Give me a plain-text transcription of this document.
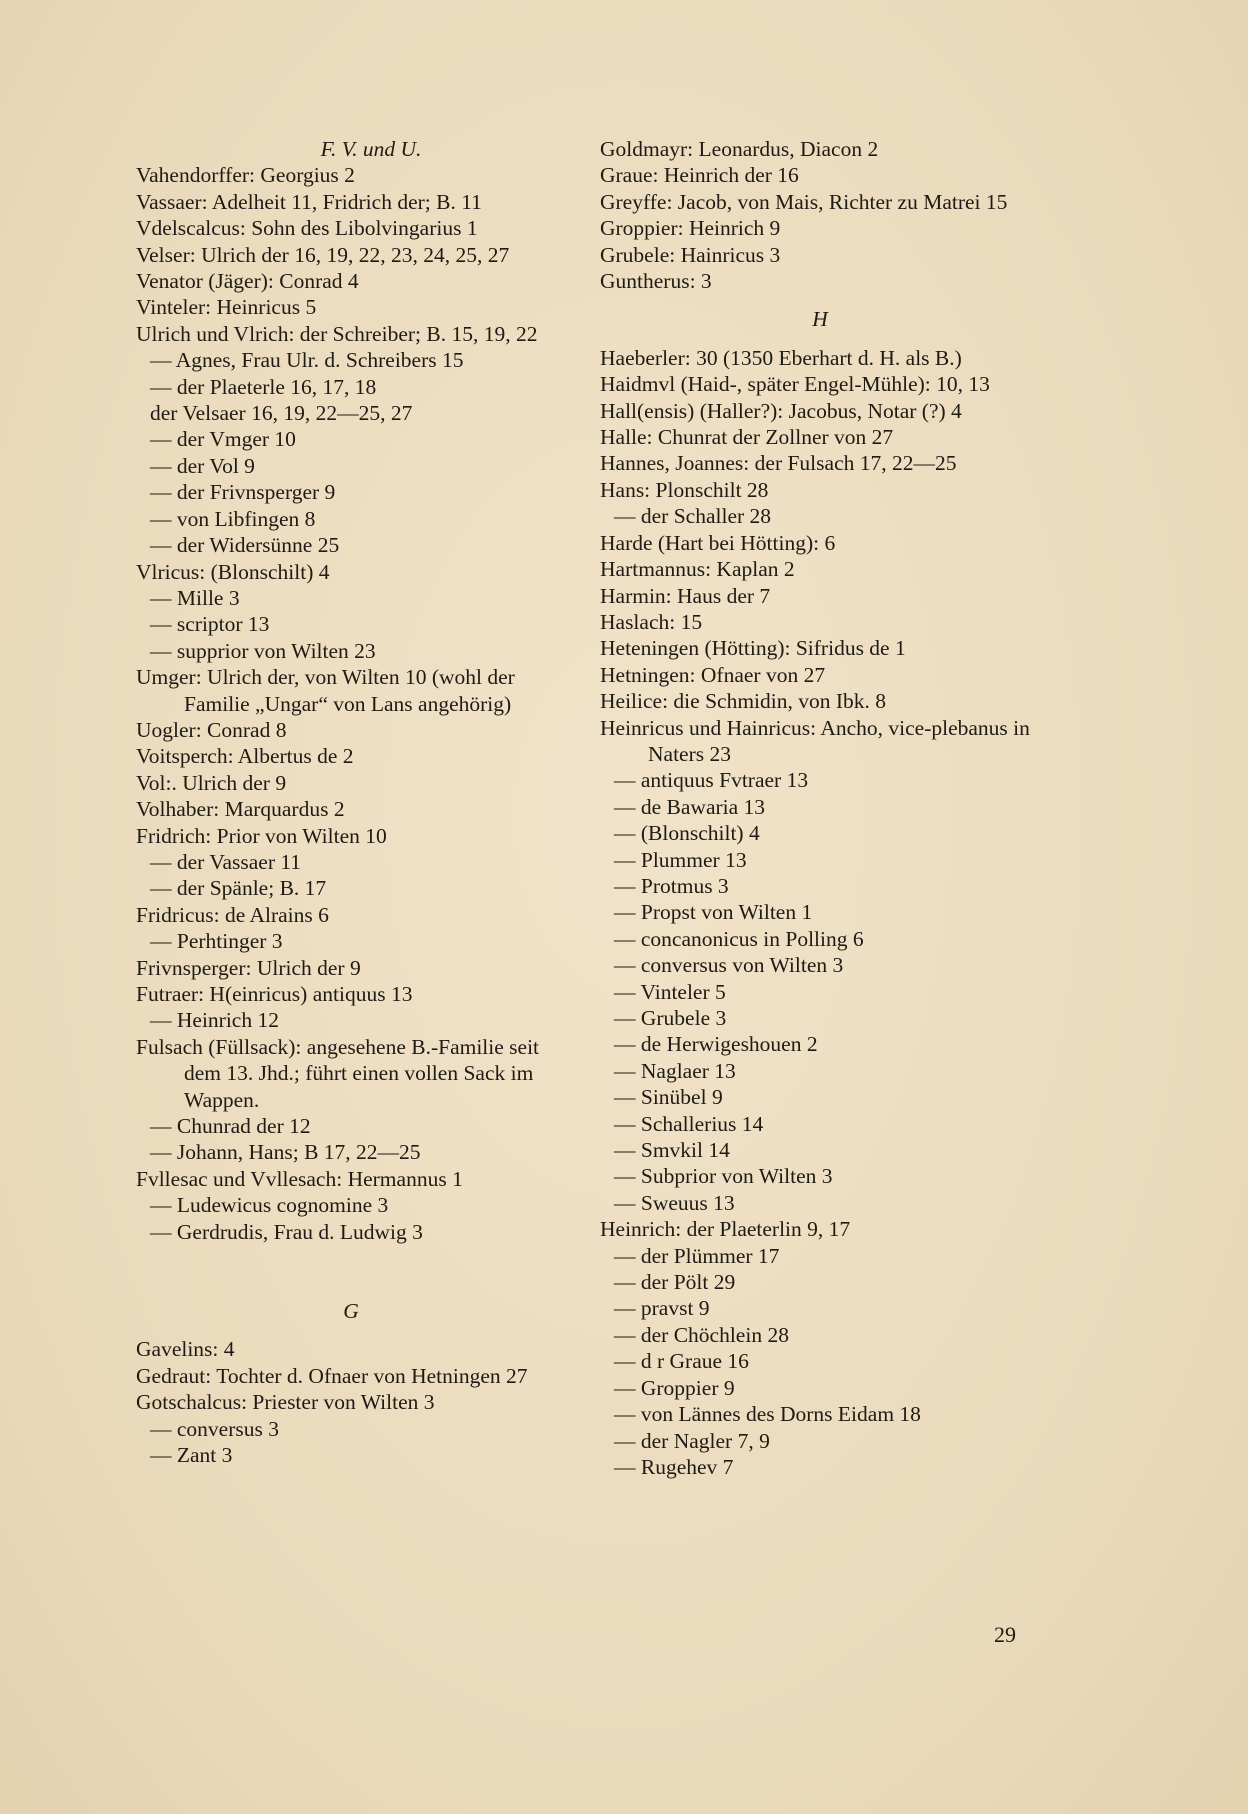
F. V. und U.
Vahendorffer: Georgius 2
Vassaer: Adelheit 11, Fridrich der; B. 11
Vdelscalcus: Sohn des Libolvingarius 1
Velser: Ulrich der 16, 19, 22, 23, 24, 25, 27
Venator (Jäger): Conrad 4
Vinteler: Heinricus 5
Ulrich und Vlrich: der Schreiber; B. 15, 19, 22
— Agnes, Frau Ulr. d. Schreibers 15
— der Plaeterle 16, 17, 18
der Velsaer 16, 19, 22—25, 27
— der Vmger 10
— der Vol 9
— der Frivnsperger 9
— von Libfingen 8
— der Widersünne 25
Vlricus: (Blonschilt) 4
— Mille 3
— scriptor 13
— supprior von Wilten 23
Umger: Ulrich der, von Wilten 10 (wohl der Familie „Ungar“ von Lans angehörig)
Uogler: Conrad 8
Voitsperch: Albertus de 2
Vol:. Ulrich der 9
Volhaber: Marquardus 2
Fridrich: Prior von Wilten 10
— der Vassaer 11
— der Spänle; B. 17
Fridricus: de Alrains 6
— Perhtinger 3
Frivnsperger: Ulrich der 9
Futraer: H(einricus) antiquus 13
— Heinrich 12
Fulsach (Füllsack): angesehene B.-Familie seit dem 13. Jhd.; führt einen vollen Sack im Wappen.
— Chunrad der 12
— Johann, Hans; B 17, 22—25
Fvllesac und Vvllesach: Hermannus 1
— Ludewicus cognomine 3
— Gerdrudis, Frau d. Ludwig 3
G
Gavelins: 4
Gedraut: Tochter d. Ofnaer von Hetningen 27
Gotschalcus: Priester von Wilten 3
— conversus 3
— Zant 3
Goldmayr: Leonardus, Diacon 2
Graue: Heinrich der 16
Greyffe: Jacob, von Mais, Richter zu Matrei 15
Groppier: Heinrich 9
Grubele: Hainricus 3
Guntherus: 3
H
Haeberler: 30 (1350 Eberhart d. H. als B.)
Haidmvl (Haid-, später Engel-Mühle): 10, 13
Hall(ensis) (Haller?): Jacobus, Notar (?) 4
Halle: Chunrat der Zollner von 27
Hannes, Joannes: der Fulsach 17, 22—25
Hans: Plonschilt 28
— der Schaller 28
Harde (Hart bei Hötting): 6
Hartmannus: Kaplan 2
Harmin: Haus der 7
Haslach: 15
Heteningen (Hötting): Sifridus de 1
Hetningen: Ofnaer von 27
Heilice: die Schmidin, von Ibk. 8
Heinricus und Hainricus: Ancho, vice-plebanus in Naters 23
— antiquus Fvtraer 13
— de Bawaria 13
— (Blonschilt) 4
— Plummer 13
— Protmus 3
— Propst von Wilten 1
— concanonicus in Polling 6
— conversus von Wilten 3
— Vinteler 5
— Grubele 3
— de Herwigeshouen 2
— Naglaer 13
— Sinübel 9
— Schallerius 14
— Smvkil 14
— Subprior von Wilten 3
— Sweuus 13
Heinrich: der Plaeterlin 9, 17
— der Plümmer 17
— der Pölt 29
— pravst 9
— der Chöchlein 28
— d r Graue 16
— Groppier 9
— von Lännes des Dorns Eidam 18
— der Nagler 7, 9
— Rugehev 7
29
